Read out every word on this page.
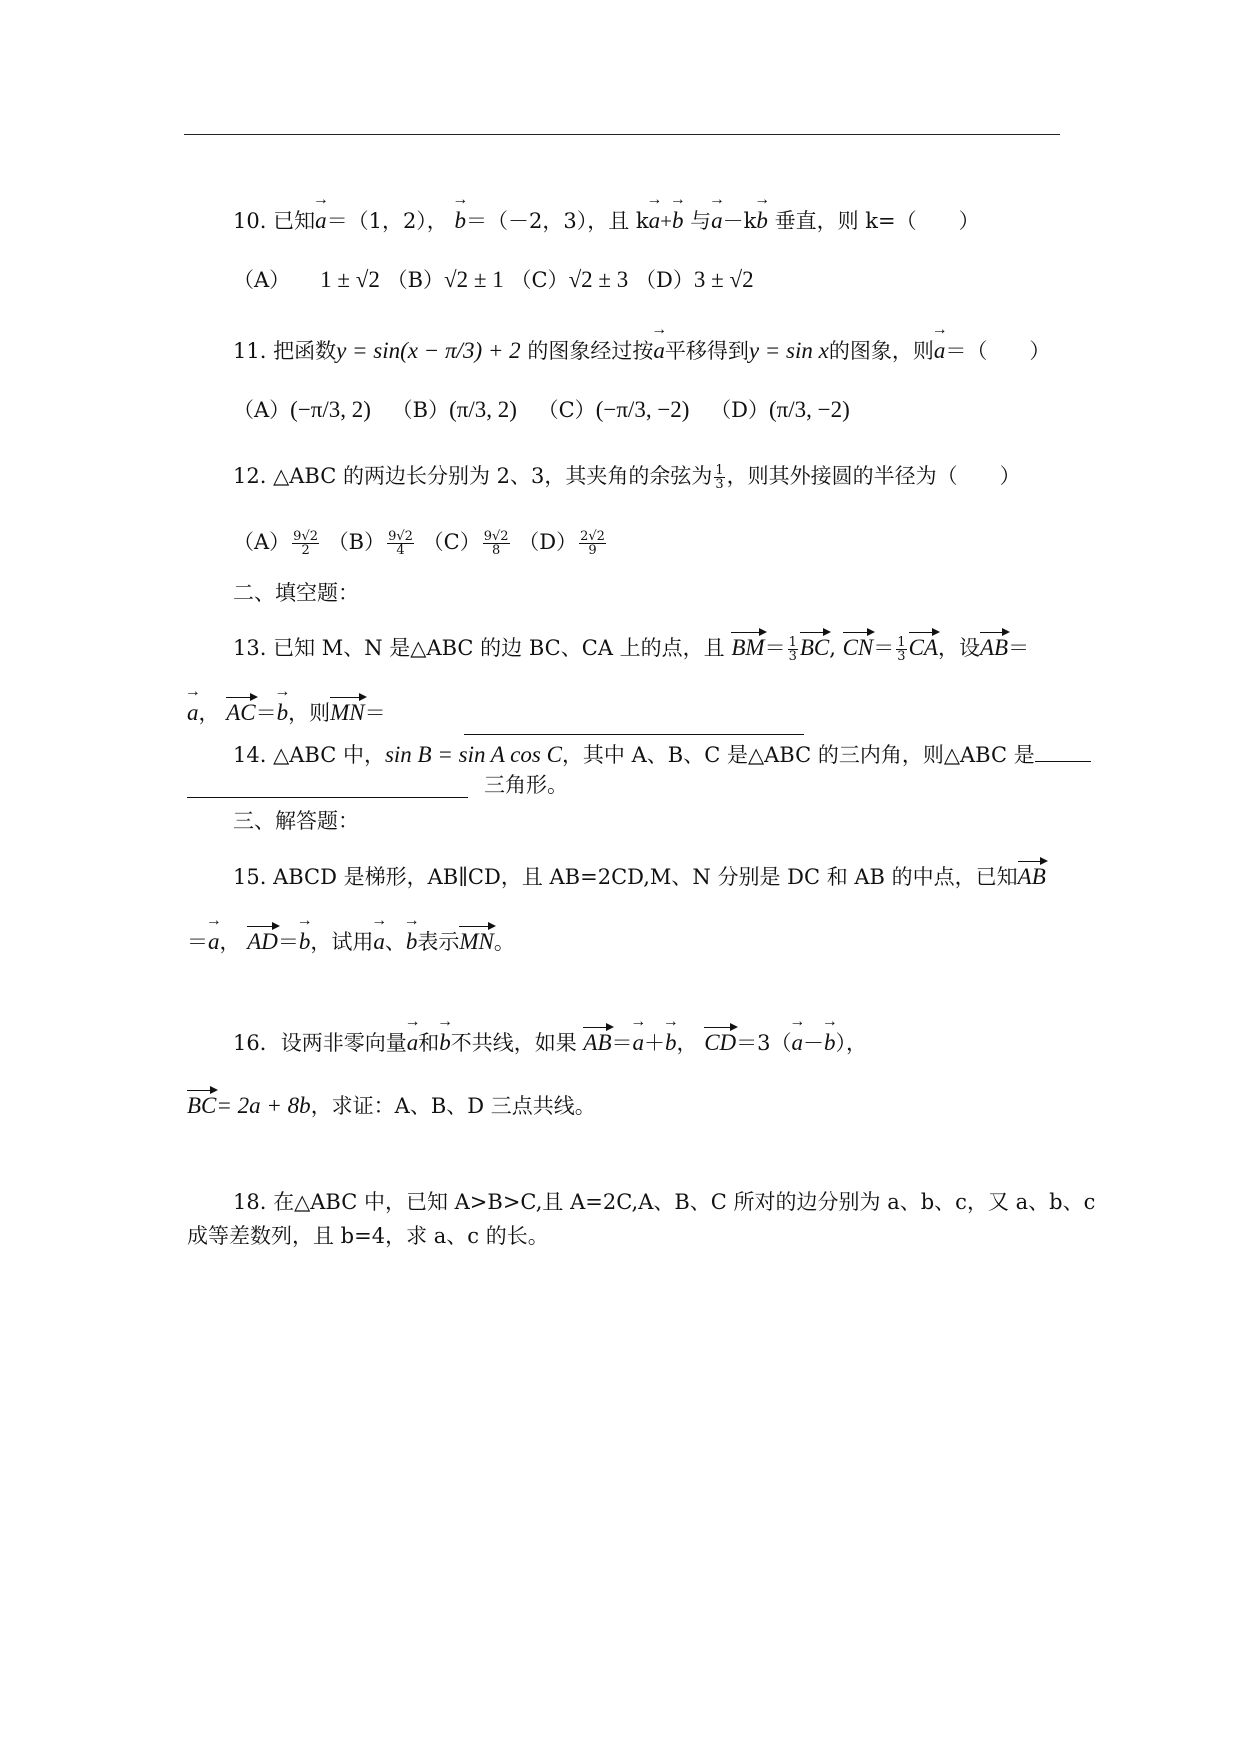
10. 已知→ a＝（1，2）， → b＝（－2，3），且 k→ a+→ b 与→ a－k→ b 垂直，则 k=（　　）
（A） 1 ± √2 （B）√2 ± 1 （C）√2 ± 3 （D）3 ± √2
11. 把函数y = sin(x − π/3) + 2 的图象经过按→ a平移得到y = sin x的图象，则→ a＝（　　）
（A）(−π/3, 2) （B）(π/3, 2) （C）(−π/3, −2) （D）(π/3, −2)
12. △ABC 的两边长分别为 2、3，其夹角的余弦为 $\frac{1}{3}$ ，则其外接圆的半径为（　　）
$(A) \frac{9√2}{2} (B) \frac{9√2}{4} (C) \frac{9√2}{8} (D) \frac{2√2}{9}$
二、填空题：
13. 已知 M、N 是△ABC 的边 BC、CA 上的点，且 $BM= \frac{1}{3}$ BC, $CN= \frac{1}{3}$ CA，设AB＝
→ a， AC＝→ b，则MN＝
14. △ABC 中，sin B = sin A cos C，其中 A、B、C 是△ABC 的三内角，则△ABC 是
三角形。
三、解答题：
15. ABCD 是梯形，AB∥CD，且 AB=2CD,M、N 分别是 DC 和 AB 的中点，已知AB
＝→ a， AD＝→ b，试用→ a、→ b表示MN。
16．设两非零向量→ a和→ b不共线，如果 AB＝→ a＋→ b， CD＝3（→ a－→ b），
BC= 2a + 8b，求证：A、B、D 三点共线。
18. 在△ABC 中，已知 A>B>C,且 A=2C,A、B、C 所对的边分别为 a、b、c，又 a、b、c
成等差数列，且 b=4，求 a、c 的长。
